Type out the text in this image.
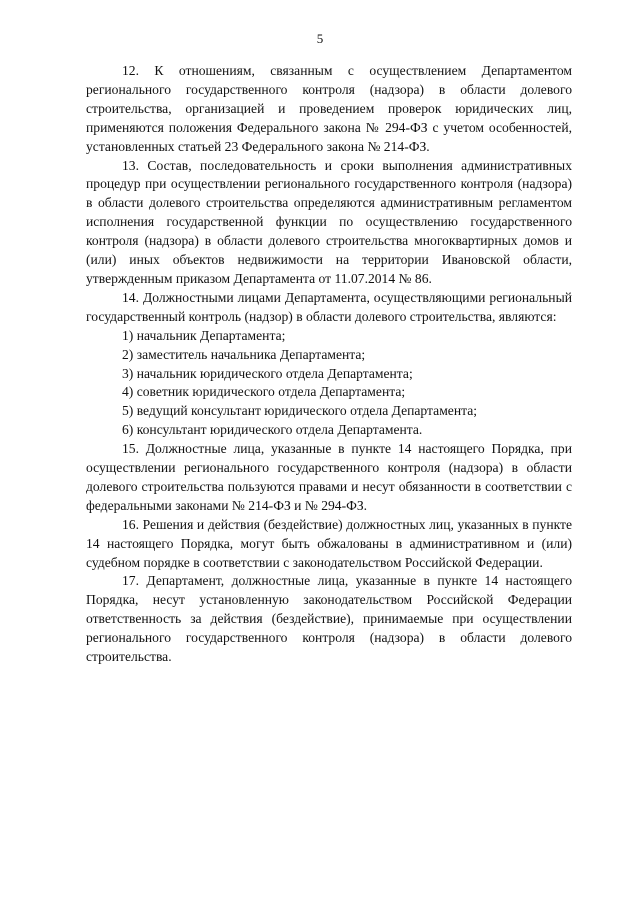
5

12. К отношениям, связанным с осуществлением Департаментом регионального государственного контроля (надзора) в области долевого строительства, организацией и проведением проверок юридических лиц, применяются положения Федерального закона № 294-ФЗ с учетом особенностей, установленных статьей 23 Федерального закона № 214-ФЗ.

13. Состав, последовательность и сроки выполнения административных процедур при осуществлении регионального государственного контроля (надзора) в области долевого строительства определяются административным регламентом исполнения государственной функции по осуществлению государственного контроля (надзора) в области долевого строительства многоквартирных домов и (или) иных объектов недвижимости на территории Ивановской области, утвержденным приказом Департамента от 11.07.2014 № 86.

14. Должностными лицами Департамента, осуществляющими региональный государственный контроль (надзор) в области долевого строительства, являются:

1) начальник Департамента;

2) заместитель начальника Департамента;

3) начальник юридического отдела Департамента;

4) советник юридического отдела Департамента;

5) ведущий консультант юридического отдела Департамента;

6) консультант юридического отдела Департамента.

15. Должностные лица, указанные в пункте 14 настоящего Порядка, при осуществлении регионального государственного контроля (надзора) в области долевого строительства пользуются правами и несут обязанности в соответствии с федеральными законами № 214-ФЗ и № 294-ФЗ.

16. Решения и действия (бездействие) должностных лиц, указанных в пункте 14 настоящего Порядка, могут быть обжалованы в административном и (или) судебном порядке в соответствии с законодательством Российской Федерации.

17. Департамент, должностные лица, указанные в пункте 14 настоящего Порядка, несут установленную законодательством Российской Федерации ответственность за действия (бездействие), принимаемые при осуществлении регионального государственного контроля (надзора) в области долевого строительства.
